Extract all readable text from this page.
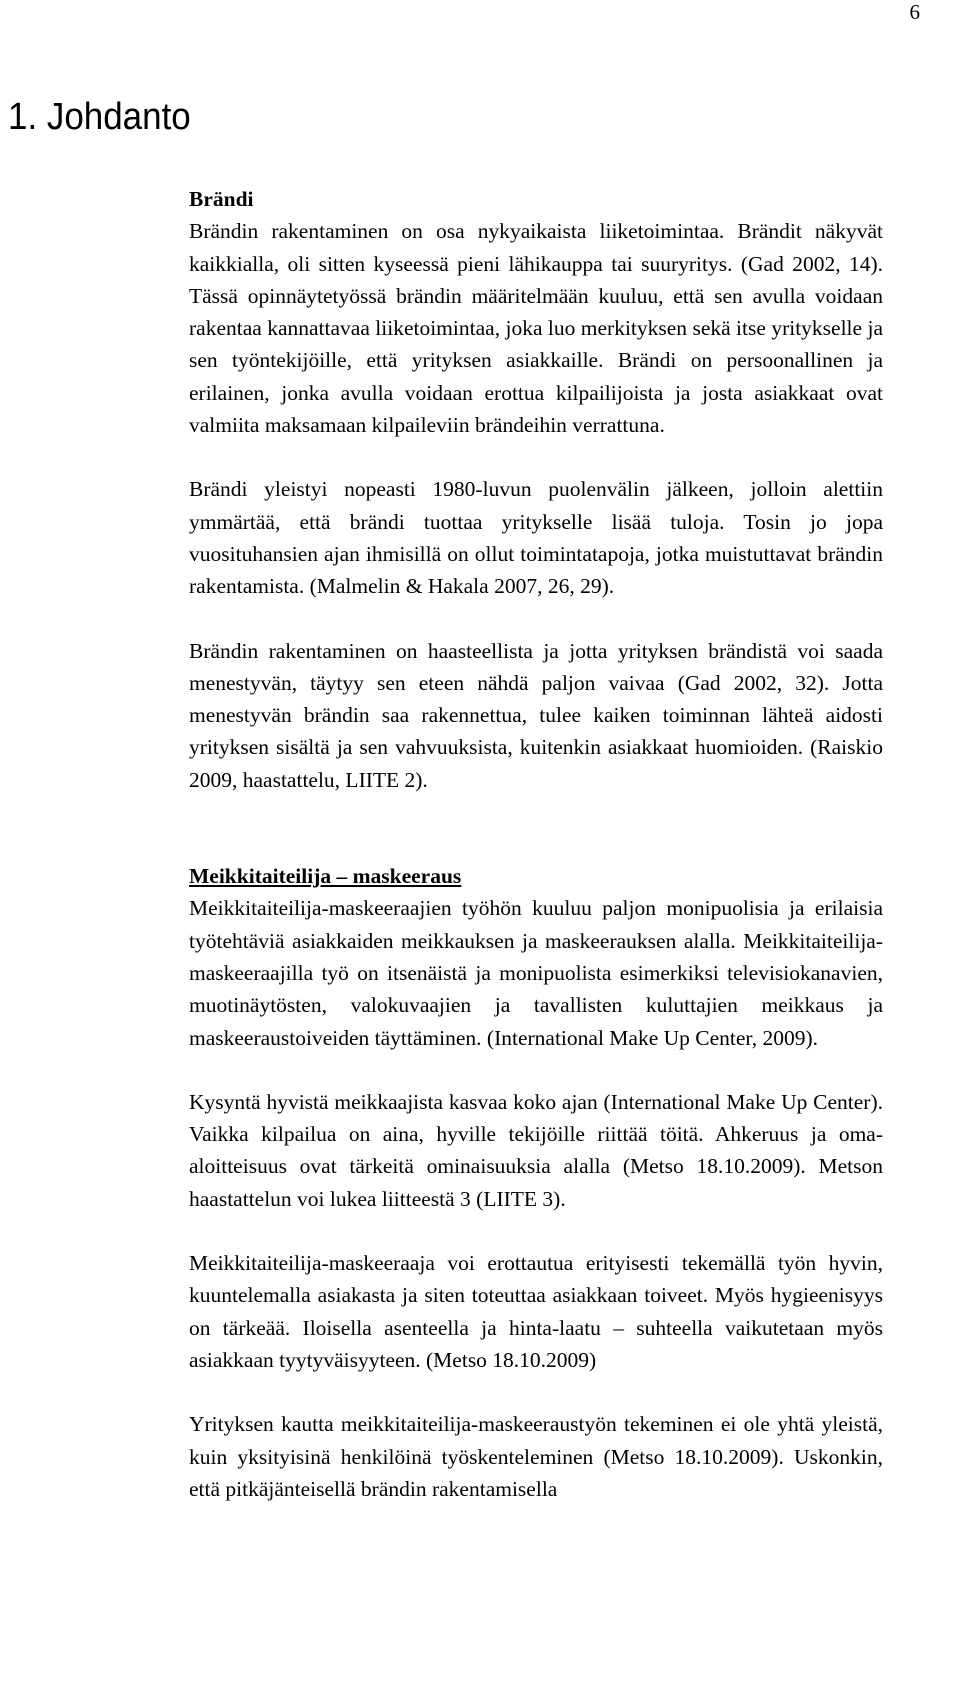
6
1. Johdanto

Brändi

Brändin rakentaminen on osa nykyaikaista liiketoimintaa. Brändit näkyvät kaikkialla, oli sitten kyseessä pieni lähikauppa tai suuryritys. (Gad 2002, 14). Tässä opinnäytetyössä brändin määritelmään kuuluu, että sen avulla voidaan rakentaa kannattavaa liiketoimintaa, joka luo merkityksen sekä itse yritykselle ja sen työntekijöille, että yrityksen asiakkaille. Brändi on persoonallinen ja erilainen, jonka avulla voidaan erottua kilpailijoista ja josta asiakkaat ovat valmiita maksamaan kilpaileviin brändeihin verrattuna.

Brändi yleistyi nopeasti 1980-luvun puolenvälin jälkeen, jolloin alettiin ymmärtää, että brändi tuottaa yritykselle lisää tuloja. Tosin jo jopa vuosituhansien ajan ihmisillä on ollut toimintatapoja, jotka muistuttavat brändin rakentamista. (Malmelin & Hakala 2007, 26, 29).

Brändin rakentaminen on haasteellista ja jotta yrityksen brändistä voi saada menestyvän, täytyy sen eteen nähdä paljon vaivaa (Gad 2002, 32). Jotta menestyvän brändin saa rakennettua, tulee kaiken toiminnan lähteä aidosti yrityksen sisältä ja sen vahvuuksista, kuitenkin asiakkaat huomioiden. (Raiskio 2009, haastattelu, LIITE 2).

Meikkitaiteilija – maskeeraus

Meikkitaiteilija-maskeeraajien työhön kuuluu paljon monipuolisia ja erilaisia työtehtäviä asiakkaiden meikkauksen ja maskeerauksen alalla. Meikkitaiteilija-maskeeraajilla työ on itsenäistä ja monipuolista esimerkiksi televisiokanavien, muotinäytösten, valokuvaajien ja tavallisten kuluttajien meikkaus ja maskeeraustoiveiden täyttäminen. (International Make Up Center, 2009).

Kysyntä hyvistä meikkaajista kasvaa koko ajan (International Make Up Center). Vaikka kilpailua on aina, hyville tekijöille riittää töitä. Ahkeruus ja oma-aloitteisuus ovat tärkeitä ominaisuuksia alalla (Metso 18.10.2009). Metson haastattelun voi lukea liitteestä 3 (LIITE 3).

Meikkitaiteilija-maskeeraaja voi erottautua erityisesti tekemällä työn hyvin, kuuntelemalla asiakasta ja siten toteuttaa asiakkaan toiveet. Myös hygieenisyys on tärkeää. Iloisella asenteella ja hinta-laatu – suhteella vaikutetaan myös asiakkaan tyytyväisyyteen. (Metso 18.10.2009)

Yrityksen kautta meikkitaiteilija-maskeeraustyön tekeminen ei ole yhtä yleistä, kuin yksityisinä henkilöinä työskenteleminen (Metso 18.10.2009). Uskonkin, että pitkäjänteisellä brändin rakentamisella
